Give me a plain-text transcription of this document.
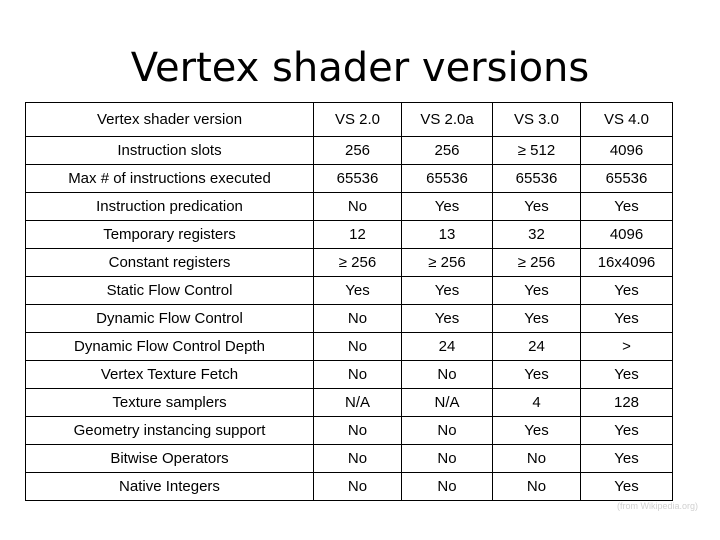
Vertex shader versions
Vertex shader version	VS 2.0	VS 2.0a	VS 3.0	VS 4.0
Instruction slots	256	256	≥ 512	4096
Max # of instructions executed	65536	65536	65536	65536
Instruction predication	No	Yes	Yes	Yes
Temporary registers	12	13	32	4096
Constant registers	≥ 256	≥ 256	≥ 256	16x4096
Static Flow Control	Yes	Yes	Yes	Yes
Dynamic Flow Control	No	Yes	Yes	Yes
Dynamic Flow Control Depth	No	24	24	>
Vertex Texture Fetch	No	No	Yes	Yes
Texture samplers	N/A	N/A	4	128
Geometry instancing support	No	No	Yes	Yes
Bitwise Operators	No	No	No	Yes
Native Integers	No	No	No	Yes
(from Wikipedia.org)
